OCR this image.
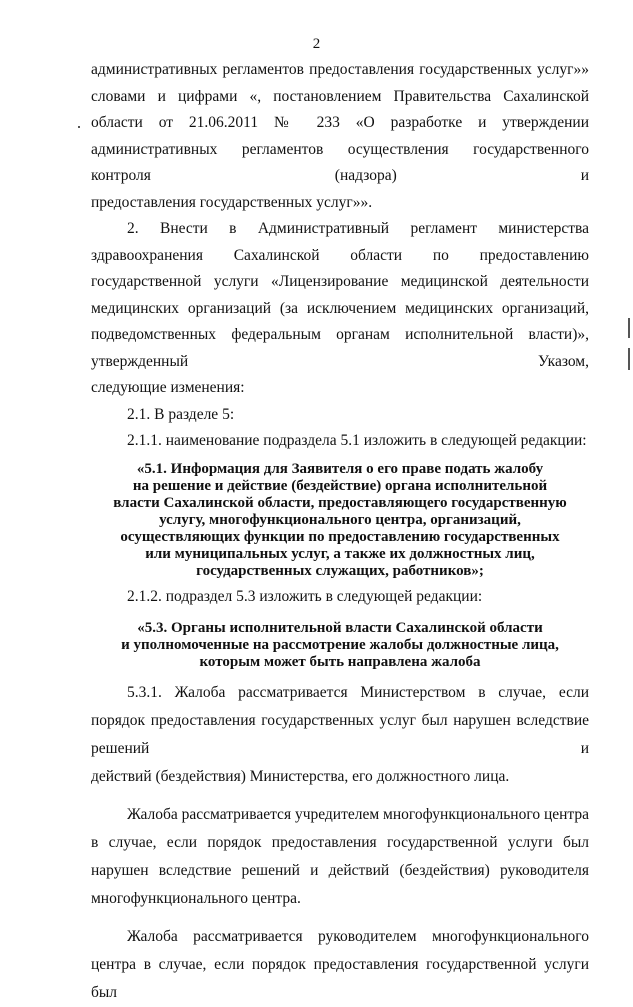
2

административных регламентов предоставления государственных услуг»» словами и цифрами «, постановлением Правительства Сахалинской области от 21.06.2011 № 233 «О разработке и утверждении административных регламентов осуществления государственного контроля (надзора) и

предоставления государственных услуг»».

2. Внести в Административный регламент министерства здравоохранения Сахалинской области по предоставлению государственной услуги «Лицензирование медицинской деятельности медицинских организаций (за исключением медицинских организаций, подведомственных федеральным органам исполнительной власти)», утвержденный Указом,

следующие изменения:

2.1. В разделе 5:

2.1.1. наименование подраздела 5.1 изложить в следующей редакции:

«5.1. Информация для Заявителя о его праве подать жалобу
на решение и действие (бездействие) органа исполнительной
власти Сахалинской области, предоставляющего государственную
услугу, многофункционального центра, организаций,
осуществляющих функции по предоставлению государственных
или муниципальных услуг, а также их должностных лиц,
государственных служащих, работников»;

2.1.2. подраздел 5.3 изложить в следующей редакции:

«5.3. Органы исполнительной власти Сахалинской области
и уполномоченные на рассмотрение жалобы должностные лица,
которым может быть направлена жалоба

5.3.1. Жалоба рассматривается Министерством в случае, если порядок предоставления государственных услуг был нарушен вследствие решений и

действий (бездействия) Министерства, его должностного лица.

Жалоба рассматривается учредителем многофункционального центра в случае, если порядок предоставления государственной услуги был нарушен вследствие решений и действий (бездействия) руководителя

многофункционального центра.

Жалоба рассматривается руководителем многофункционального центра в случае, если порядок предоставления государственной услуги был
